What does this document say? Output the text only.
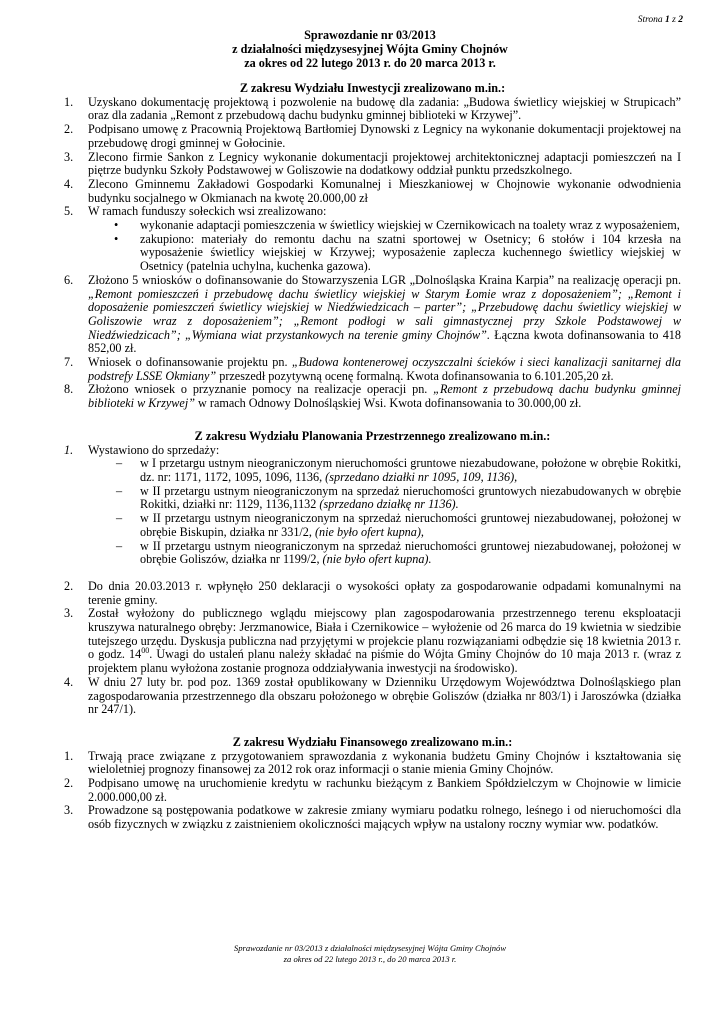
Strona 1 z 2
Sprawozdanie nr 03/2013
z działalności międzysesyjnej Wójta Gminy Chojnów
za okres od 22 lutego 2013 r. do 20 marca 2013 r.

Z zakresu Wydziału Inwestycji zrealizowano m.in.:

1. Uzyskano dokumentację projektową i pozwolenie na budowę dla zadania: „Budowa świetlicy wiejskiej w Strupicach” oraz dla zadania „Remont z przebudową dachu budynku gminnej biblioteki w Krzywej”.
2. Podpisano umowę z Pracownią Projektową Bartłomiej Dynowski z Legnicy na wykonanie dokumentacji projektowej na przebudowę drogi gminnej w Gołocinie.
3. Zlecono firmie Sankon z Legnicy wykonanie dokumentacji projektowej architektonicznej adaptacji pomieszczeń na I piętrze budynku Szkoły Podstawowej w Goliszowie na dodatkowy oddział punktu przedszkolnego.
4. Zlecono Gminnemu Zakładowi Gospodarki Komunalnej i Mieszkaniowej w Chojnowie wykonanie odwodnienia budynku socjalnego w Okmianach na kwotę 20.000,00 zł
5. W ramach funduszy sołeckich wsi zrealizowano:
• wykonanie adaptacji pomieszczenia w świetlicy wiejskiej w Czernikowicach na toalety wraz z wyposażeniem,
• zakupiono: materiały do remontu dachu na szatni sportowej w Osetnicy; 6 stołów i 104 krzesła na wyposażenie świetlicy wiejskiej w Krzywej; wyposażenie zaplecza kuchennego świetlicy wiejskiej w Osetnicy (patelnia uchylna, kuchenka gazowa).
6. Złożono 5 wniosków o dofinansowanie do Stowarzyszenia LGR „Dolnośląska Kraina Karpia” na realizację operacji pn. „Remont pomieszczeń i przebudowę dachu świetlicy wiejskiej w Starym Łomie wraz z doposażeniem”; „Remont i doposażenie pomieszczeń świetlicy wiejskiej w Niedźwiedzicach – parter”; „Przebudowę dachu świetlicy wiejskiej w Goliszowie wraz z doposażeniem”; „Remont podłogi w sali gimnastycznej przy Szkole Podstawowej w Niedźwiedzicach”; „Wymiana wiat przystankowych na terenie gminy Chojnów”. Łączna kwota dofinansowania to 418 852,00 zł.
7. Wniosek o dofinansowanie projektu pn. „Budowa kontenerowej oczyszczalni ścieków i sieci kanalizacji sanitarnej dla podstrefy LSSE Okmiany” przeszedł pozytywną ocenę formalną. Kwota dofinansowania to 6.101.205,20 zł.
8. Złożono wniosek o przyznanie pomocy na realizacje operacji pn. „Remont z przebudową dachu budynku gminnej biblioteki w Krzywej” w ramach Odnowy Dolnośląskiej Wsi. Kwota dofinansowania to 30.000,00 zł.

Z zakresu Wydziału Planowania Przestrzennego zrealizowano m.in.:

1. Wystawiono do sprzedaży:
– w I przetargu ustnym nieograniczonym nieruchomości gruntowe niezabudowane, położone w obrębie Rokitki, dz. nr: 1171, 1172, 1095, 1096, 1136, (sprzedano działki nr 1095, 109, 1136),
– w II przetargu ustnym nieograniczonym na sprzedaż nieruchomości gruntowych niezabudowanych w obrębie Rokitki, działki nr: 1129, 1136,1132 (sprzedano działkę nr 1136).
– w II przetargu ustnym nieograniczonym na sprzedaż nieruchomości gruntowej niezabudowanej, położonej w obrębie Biskupin, działka nr 331/2, (nie było ofert kupna),
– w II przetargu ustnym nieograniczonym na sprzedaż nieruchomości gruntowej niezabudowanej, położonej w obrębie Goliszów, działka nr 1199/2, (nie było ofert kupna).
2. Do dnia 20.03.2013 r. wpłynęło 250 deklaracji o wysokości opłaty za gospodarowanie odpadami komunalnymi na terenie gminy.
3. Został wyłożony do publicznego wglądu miejscowy plan zagospodarowania przestrzennego terenu eksploatacji kruszywa naturalnego obręby: Jerzmanowice, Biała i Czernikowice – wyłożenie od 26 marca do 19 kwietnia w siedzibie tutejszego urzędu. Dyskusja publiczna nad przyjętymi w projekcie planu rozwiązaniami odbędzie się 18 kwietnia 2013 r. o godz. $14^{00}$. Uwagi do ustaleń planu należy składać na piśmie do Wójta Gminy Chojnów do 10 maja 2013 r. (wraz z projektem planu wyłożona zostanie prognoza oddziaływania inwestycji na środowisko).
4. W dniu 27 luty br. pod poz. 1369 został opublikowany w Dzienniku Urzędowym Województwa Dolnośląskiego plan zagospodarowania przestrzennego dla obszaru położonego w obrębie Goliszów (działka nr 803/1) i Jaroszówka (działka nr 247/1).

Z zakresu Wydziału Finansowego zrealizowano m.in.:

1. Trwają prace związane z przygotowaniem sprawozdania z wykonania budżetu Gminy Chojnów i kształtowania się wieloletniej prognozy finansowej za 2012 rok oraz informacji o stanie mienia Gminy Chojnów.
2. Podpisano umowę na uruchomienie kredytu w rachunku bieżącym z Bankiem Spółdzielczym w Chojnowie w limicie 2.000.000,00 zł.
3. Prowadzone są postępowania podatkowe w zakresie zmiany wymiaru podatku rolnego, leśnego i od nieruchomości dla osób fizycznych w związku z zaistnieniem okoliczności mających wpływ na ustalony roczny wymiar ww. podatków.
Sprawozdanie nr 03/2013 z działalności międzysesyjnej Wójta Gminy Chojnów
za okres od 22 lutego 2013 r., do 20 marca 2013 r.
